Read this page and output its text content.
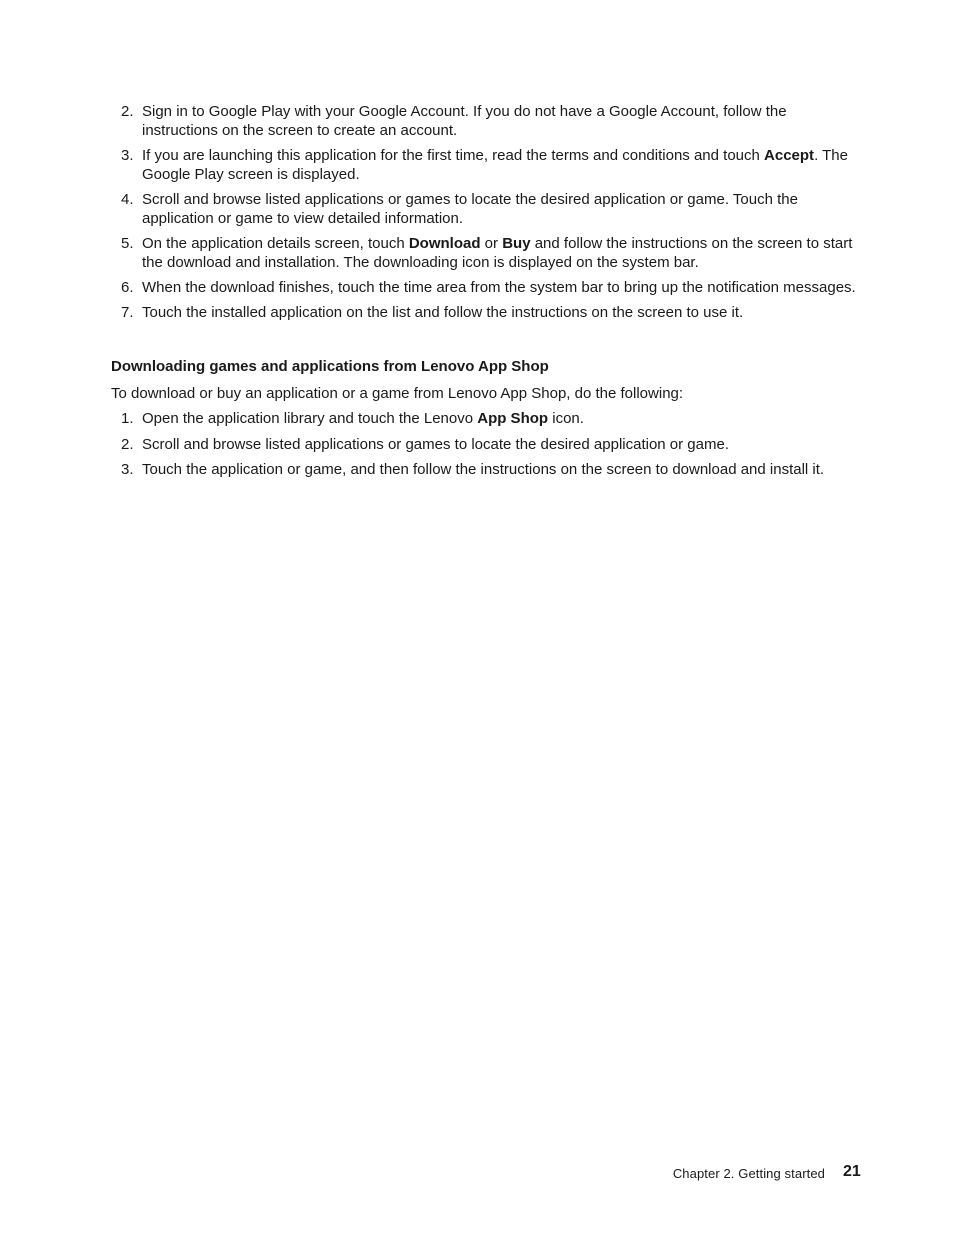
2. Sign in to Google Play with your Google Account. If you do not have a Google Account, follow the instructions on the screen to create an account.
3. If you are launching this application for the first time, read the terms and conditions and touch Accept. The Google Play screen is displayed.
4. Scroll and browse listed applications or games to locate the desired application or game. Touch the application or game to view detailed information.
5. On the application details screen, touch Download or Buy and follow the instructions on the screen to start the download and installation. The downloading icon is displayed on the system bar.
6. When the download finishes, touch the time area from the system bar to bring up the notification messages.
7. Touch the installed application on the list and follow the instructions on the screen to use it.
Downloading games and applications from Lenovo App Shop

To download or buy an application or a game from Lenovo App Shop, do the following:

1. Open the application library and touch the Lenovo App Shop icon.
2. Scroll and browse listed applications or games to locate the desired application or game.
3. Touch the application or game, and then follow the instructions on the screen to download and install it.
Chapter 2. Getting started 21
